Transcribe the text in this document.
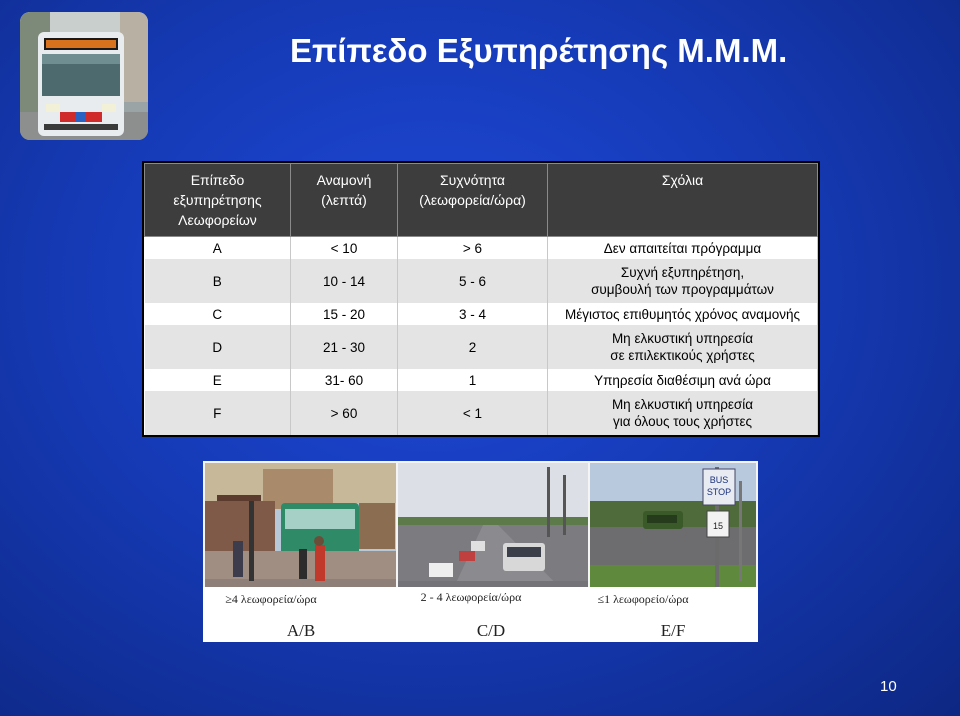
Επίπεδο Εξυπηρέτησης Μ.Μ.Μ.
Επίπεδο εξυπηρέτησης Λεωφορείων	Αναμονή (λεπτά)	Συχνότητα (λεωφορεία/ώρα)	Σχόλια
A	< 10	> 6	Δεν απαιτείται πρόγραμμα
B	10 - 14	5 - 6	Συχνή εξυπηρέτηση,
συμβουλή των προγραμμάτων
C	15 - 20	3 - 4	Μέγιστος επιθυμητός χρόνος αναμονής
D	21 - 30	2	Μη ελκυστική υπηρεσία
σε επιλεκτικούς χρήστες
E	31- 60	1	Υπηρεσία διαθέσιμη ανά ώρα
F	> 60	< 1	Μη ελκυστική υπηρεσία
για όλους τους χρήστες
BUS
STOP
15
≥4 λεωφορεία/ώρα	2 - 4 λεωφορεία/ώρα	≤1 λεωφορείο/ώρα
A/B	C/D	E/F
10
